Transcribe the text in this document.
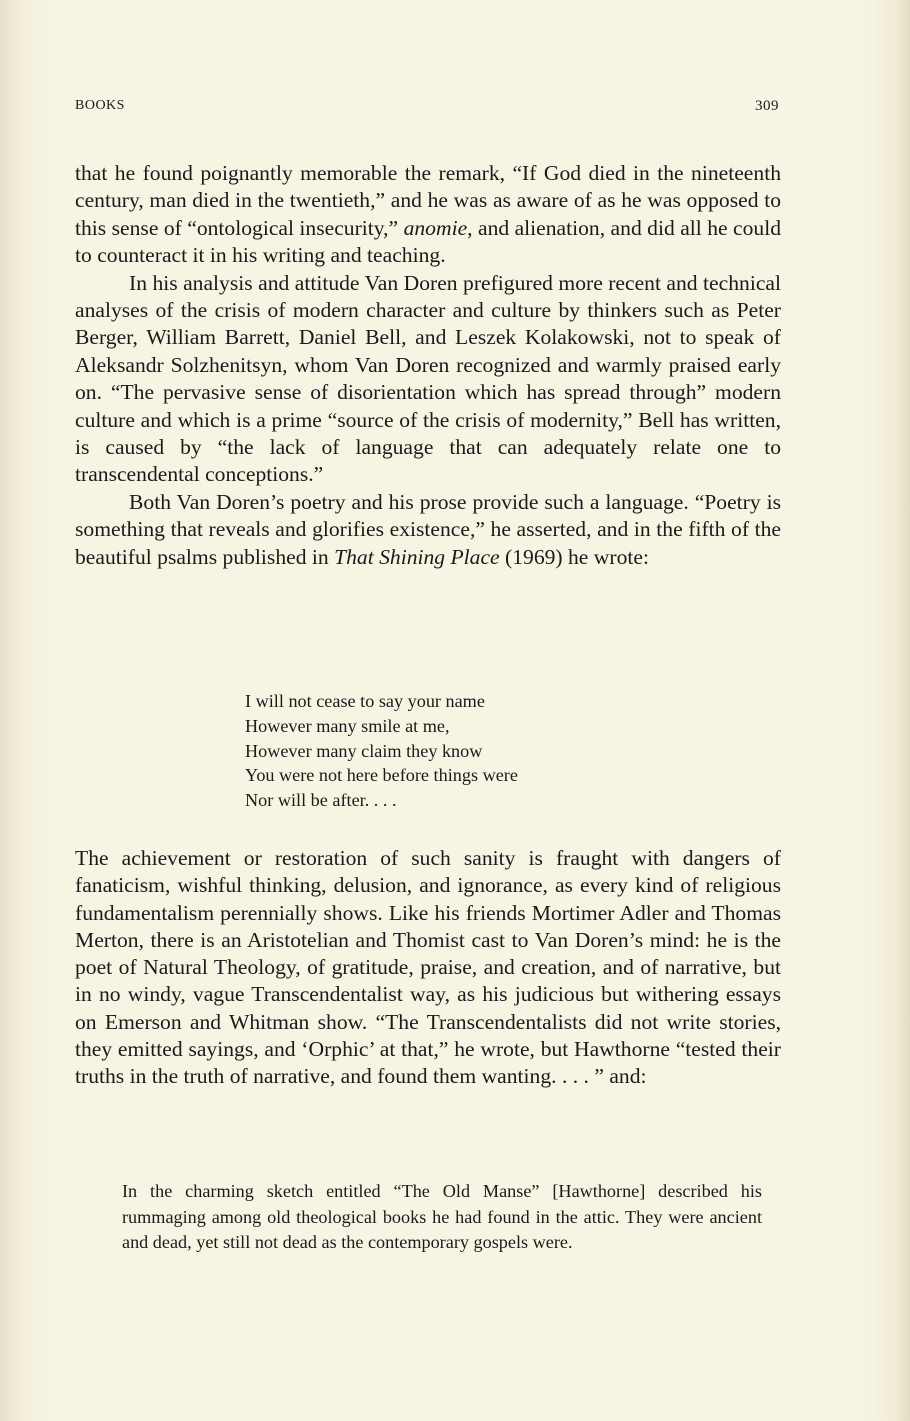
BOOKS	309

that he found poignantly memorable the remark, “If God died in the nineteenth century, man died in the twentieth,” and he was as aware of as he was opposed to this sense of “ontological insecurity,” anomie, and alienation, and did all he could to counteract it in his writing and teaching.

In his analysis and attitude Van Doren prefigured more recent and technical analyses of the crisis of modern character and culture by thinkers such as Peter Berger, William Barrett, Daniel Bell, and Leszek Kolakowski, not to speak of Aleksandr Solzhenitsyn, whom Van Doren recognized and warmly praised early on. “The pervasive sense of disorientation which has spread through” modern culture and which is a prime “source of the crisis of modernity,” Bell has written, is caused by “the lack of language that can adequately relate one to transcendental conceptions.”

Both Van Doren’s poetry and his prose provide such a language. “Poetry is something that reveals and glorifies existence,” he asserted, and in the fifth of the beautiful psalms published in That Shining Place (1969) he wrote:

I will not cease to say your name
However many smile at me,
However many claim they know
You were not here before things were
Nor will be after. . . .

The achievement or restoration of such sanity is fraught with dangers of fanaticism, wishful thinking, delusion, and ignorance, as every kind of religious fundamentalism perennially shows. Like his friends Mortimer Adler and Thomas Merton, there is an Aristotelian and Thomist cast to Van Doren’s mind: he is the poet of Natural Theology, of gratitude, praise, and creation, and of narrative, but in no windy, vague Transcendentalist way, as his judicious but withering essays on Emerson and Whitman show. “The Transcendentalists did not write stories, they emitted sayings, and ‘Orphic’ at that,” he wrote, but Hawthorne “tested their truths in the truth of narrative, and found them wanting. . . . ” and:

In the charming sketch entitled “The Old Manse” [Hawthorne] described his rummaging among old theological books he had found in the attic. They were ancient and dead, yet still not dead as the contemporary gospels were.
